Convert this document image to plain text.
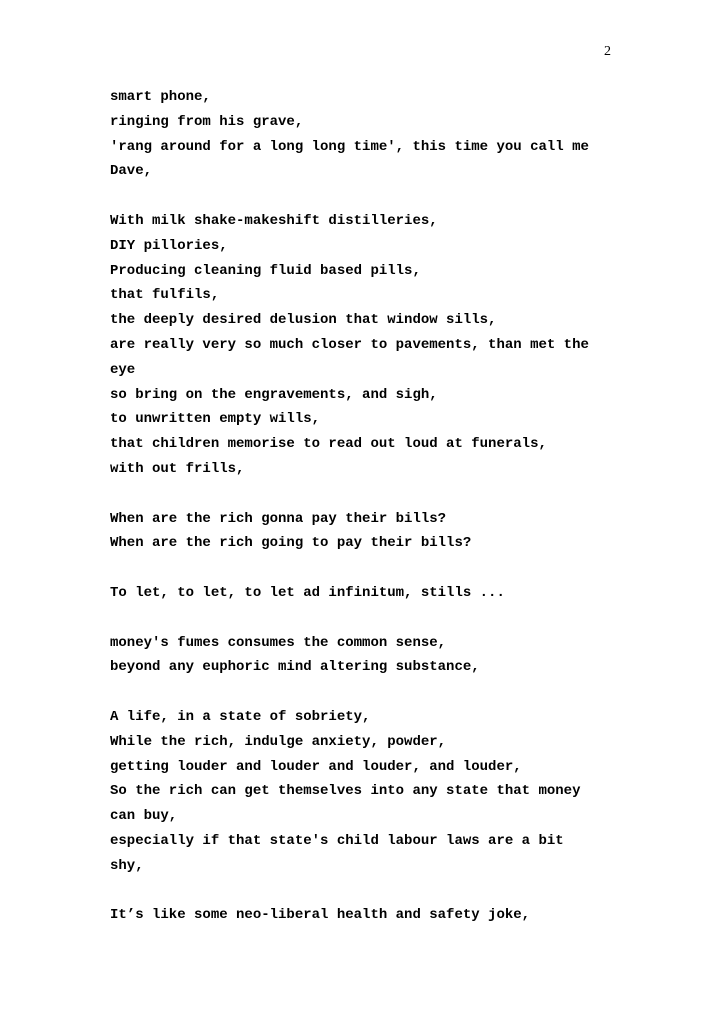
2
smart phone,
ringing from his grave,
'rang around for a long long time', this time you call me
Dave,
With milk shake-makeshift distilleries,
DIY pillories,
Producing cleaning fluid based pills,
that fulfils,
the deeply desired delusion that window sills,
are really very so much closer to pavements, than met the
eye
so bring on the engravements, and sigh,
to unwritten empty wills,
that children memorise to read out loud at funerals,
with out frills,
When are the rich gonna pay their bills?
When are the rich going to pay their bills?
To let, to let, to let ad infinitum, stills ...
money's fumes consumes the common sense,
beyond any euphoric mind altering substance,
A life, in a state of sobriety,
While the rich, indulge anxiety, powder,
getting louder and louder and louder, and louder,
So the rich can get themselves into any state that money
can buy,
especially if that state's child labour laws are a bit
shy,
It’s like some neo-liberal health and safety joke,
